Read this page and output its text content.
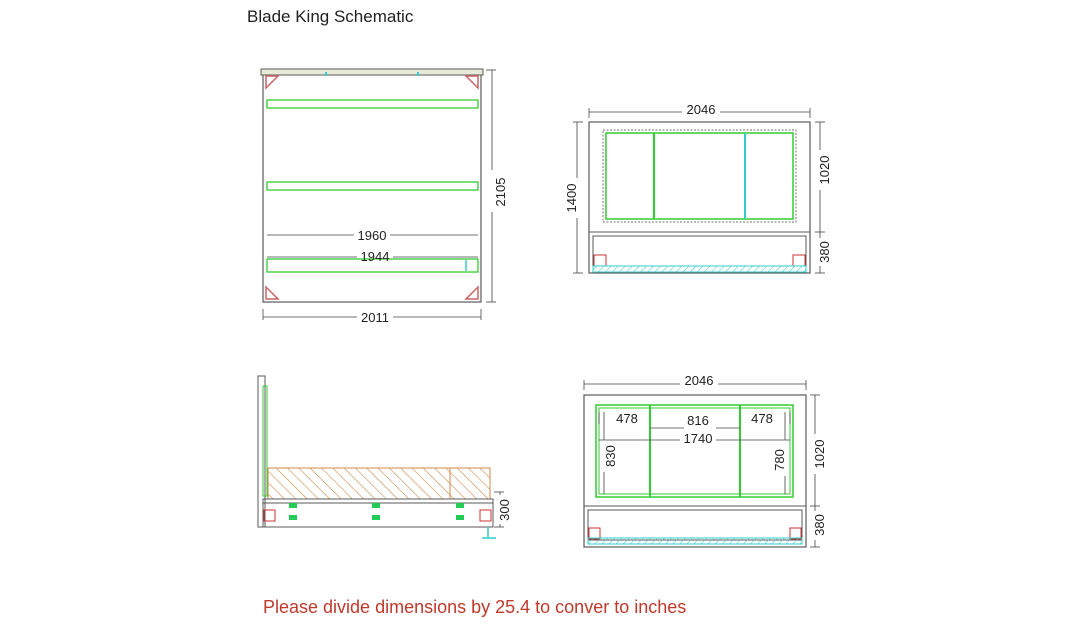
Blade King Schematic
1960
1944
2011
2105
2046
1400
1020
380
300
2046
478	816	478
1740
830	780 1020
380
Please divide dimensions by 25.4 to conver to inches
